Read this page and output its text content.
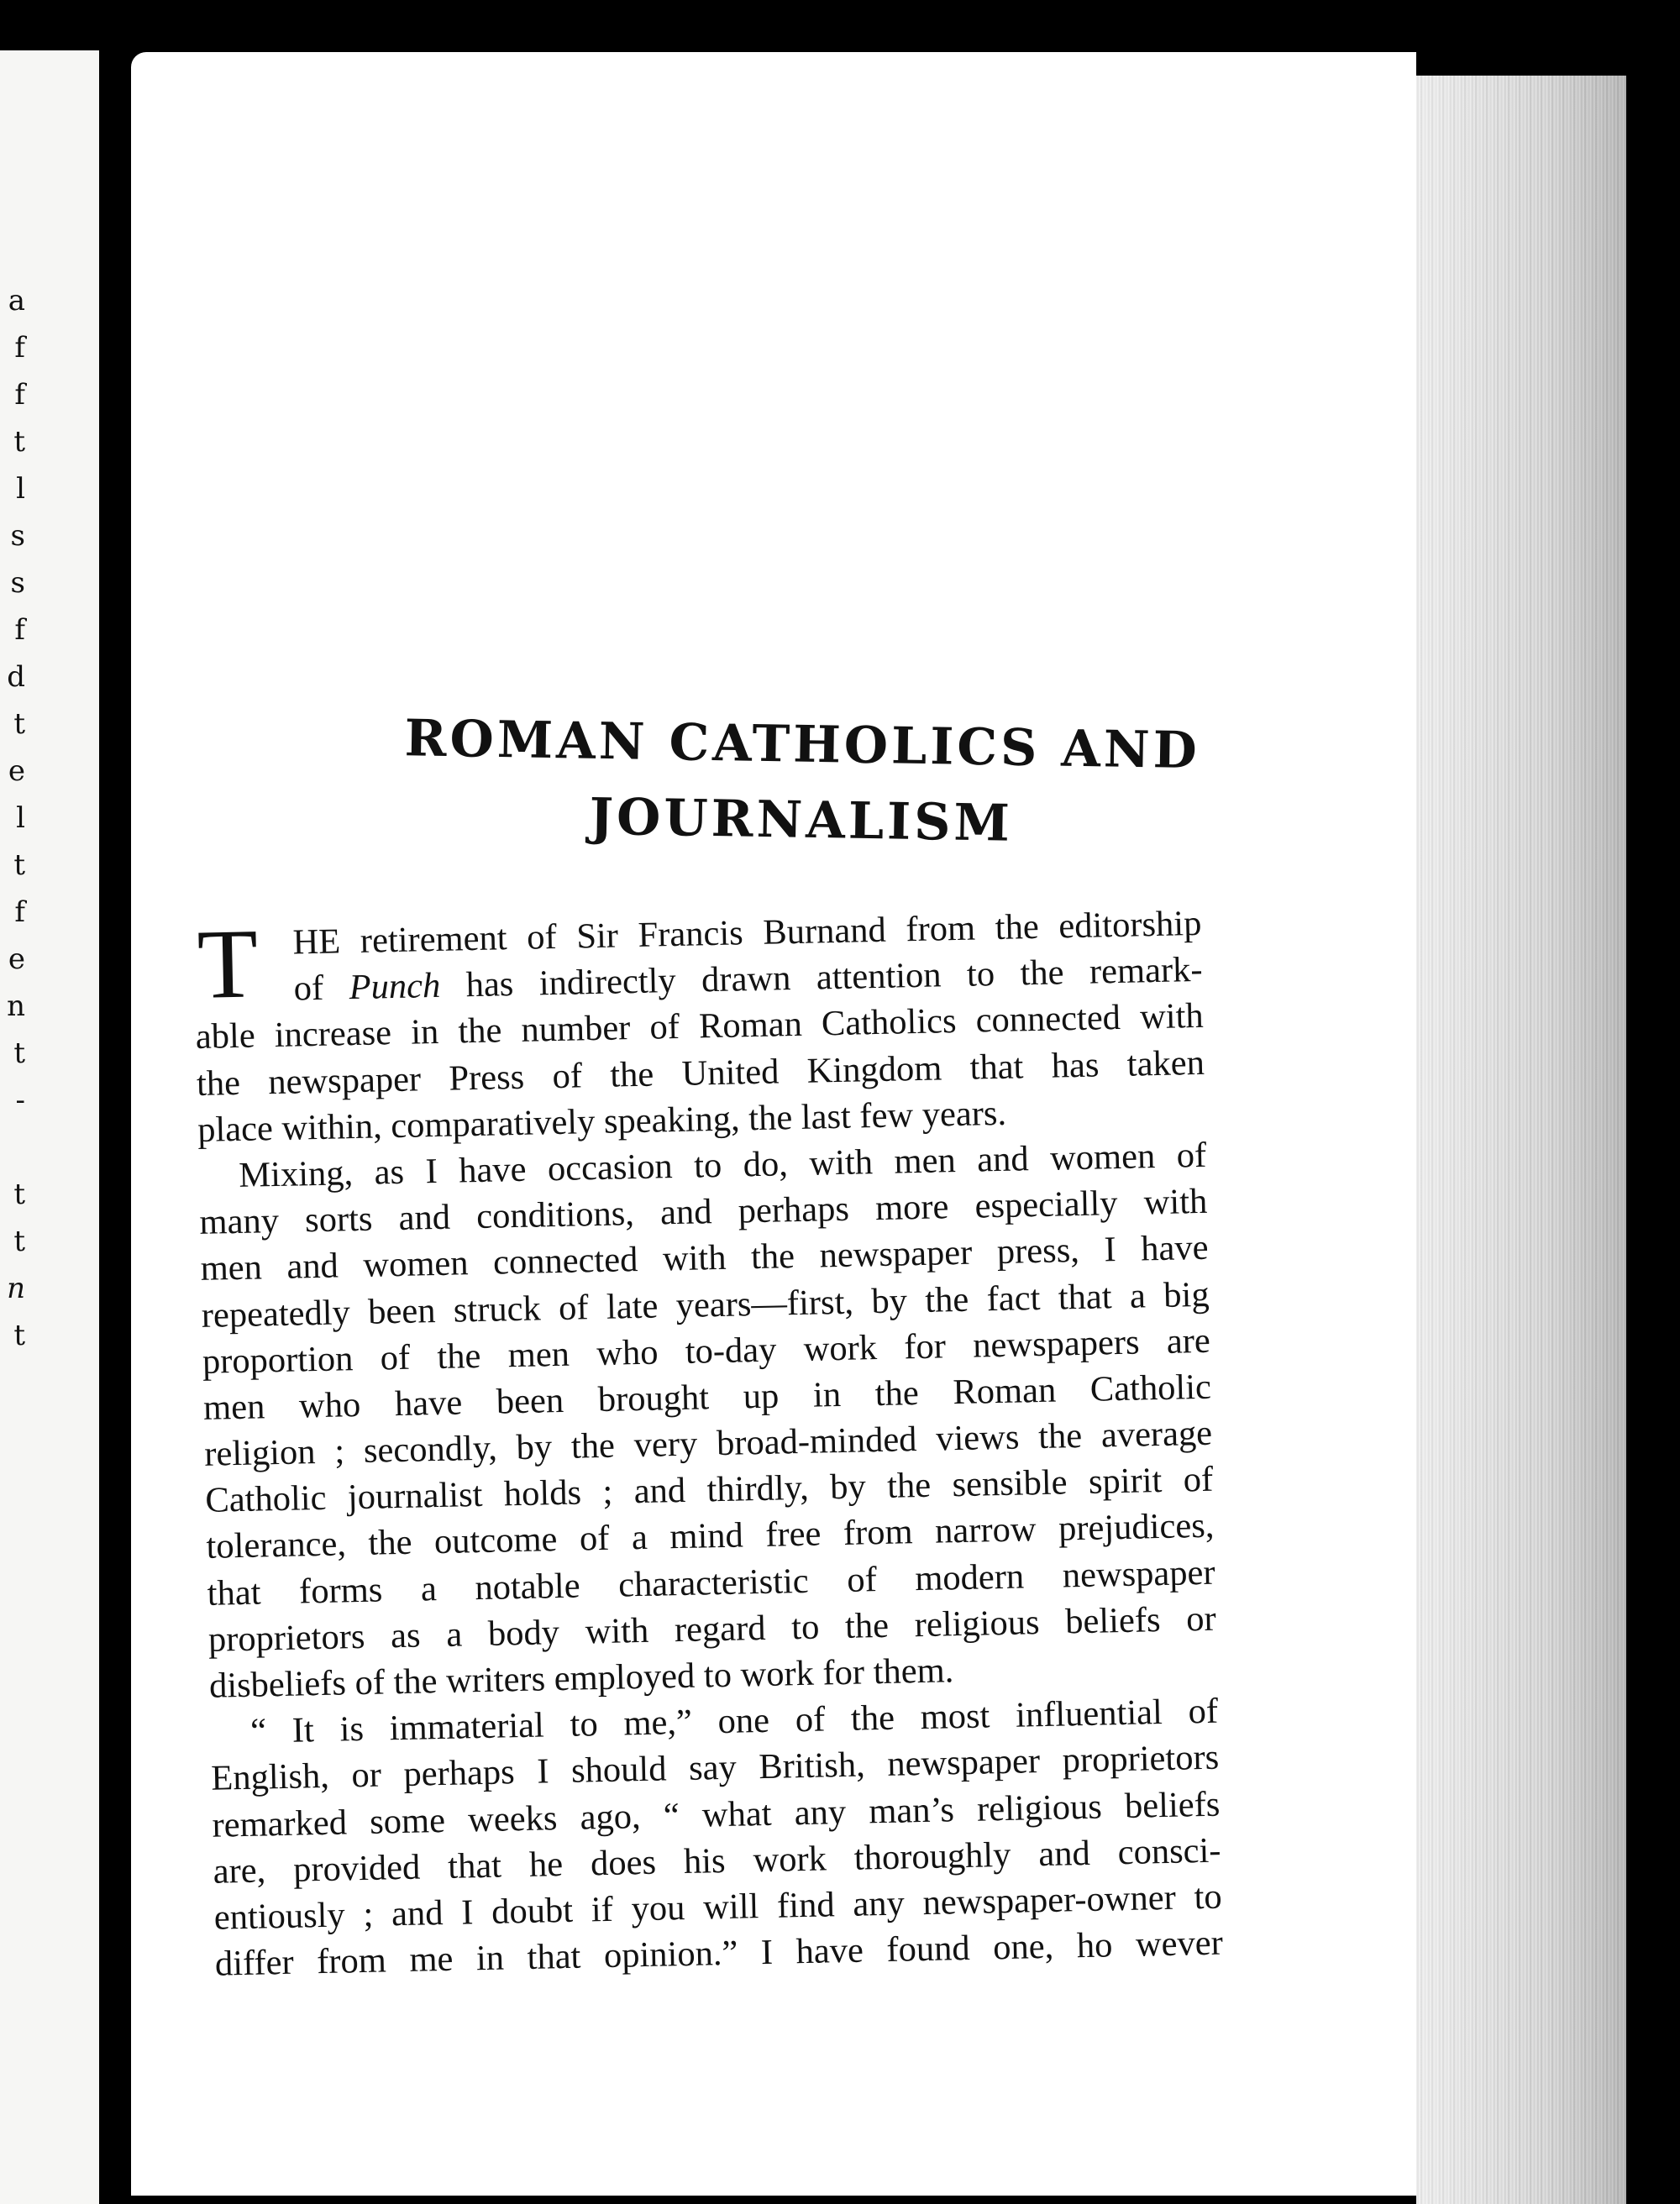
a
f
f
t
l
s
s
f
d
t
e
l
t
f
e
n
t
-
t
t
n
t
ROMAN CATHOLICS AND
JOURNALISM
T HE retirement of Sir Francis Burnand from the editorship
of Punch has indirectly drawn attention to the remark-
able increase in the number of Roman Catholics connected with
the newspaper Press of the United Kingdom that has taken
place within, comparatively speaking, the last few years.
Mixing, as I have occasion to do, with men and women of
many sorts and conditions, and perhaps more especially with
men and women connected with the newspaper press, I have
repeatedly been struck of late years—first, by the fact that a big
proportion of the men who to-day work for newspapers are
men who have been brought up in the Roman Catholic
religion ; secondly, by the very broad-minded views the average
Catholic journalist holds ; and thirdly, by the sensible spirit of
tolerance, the outcome of a mind free from narrow prejudices,
that forms a notable characteristic of modern newspaper
proprietors as a body with regard to the religious beliefs or
disbeliefs of the writers employed to work for them.
“ It is immaterial to me,” one of the most influential of
English, or perhaps I should say British, newspaper proprietors
remarked some weeks ago, “ what any man’s religious beliefs
are, provided that he does his work thoroughly and consci-
entiously ; and I doubt if you will find any newspaper-owner to
differ from me in that opinion.” I have found one, ho wever
